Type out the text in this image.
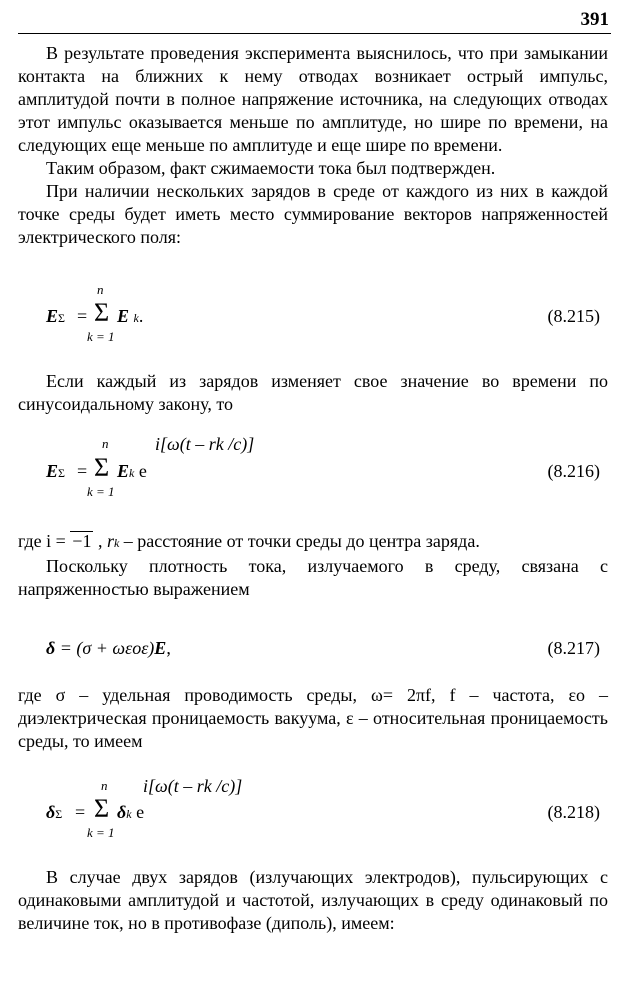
391

В результате проведения эксперимента выяснилось, что при замыкании контакта на ближних к нему отводах возникает острый импульс, амплитудой почти в полное напряжение источника, на следующих отводах этот импульс оказывается меньше по амплитуде, но шире по времени, на следующих еще меньше по амплитуде и еще шире по времени.

Таким образом, факт сжимаемости тока был подтвержден.

При наличии нескольких зарядов в среде от каждого из них в каждой точке среды будет иметь место суммирование векторов напряженностей электрического поля:

n
EΣ = Σ E k.
k = 1
(8.215)

Если каждый из зарядов изменяет свое значение во времени по синусоидальному закону, то

n	i[ω(t – rk /c)]
EΣ = Σ Ek e
k = 1
(8.216)

где i = −1 , rk – расстояние от точки среды до центра заряда.

Поскольку плотность тока, излучаемого в среду, связана с напряженностью выражением

δ = (σ + ωεoε)E,	(8.217)

где σ – удельная проводимость среды, ω= 2πf, f – частота, εo – диэлектрическая проницаемость вакуума, ε – относительная проницаемость среды, то имеем

n i[ω(t – rk /c)]
δΣ = Σ δk e
k = 1
(8.218)

В случае двух зарядов (излучающих электродов), пульсирующих с одинаковыми амплитудой и частотой, излучающих в среду одинаковый по величине ток, но в противофазе (диполь), имеем:
